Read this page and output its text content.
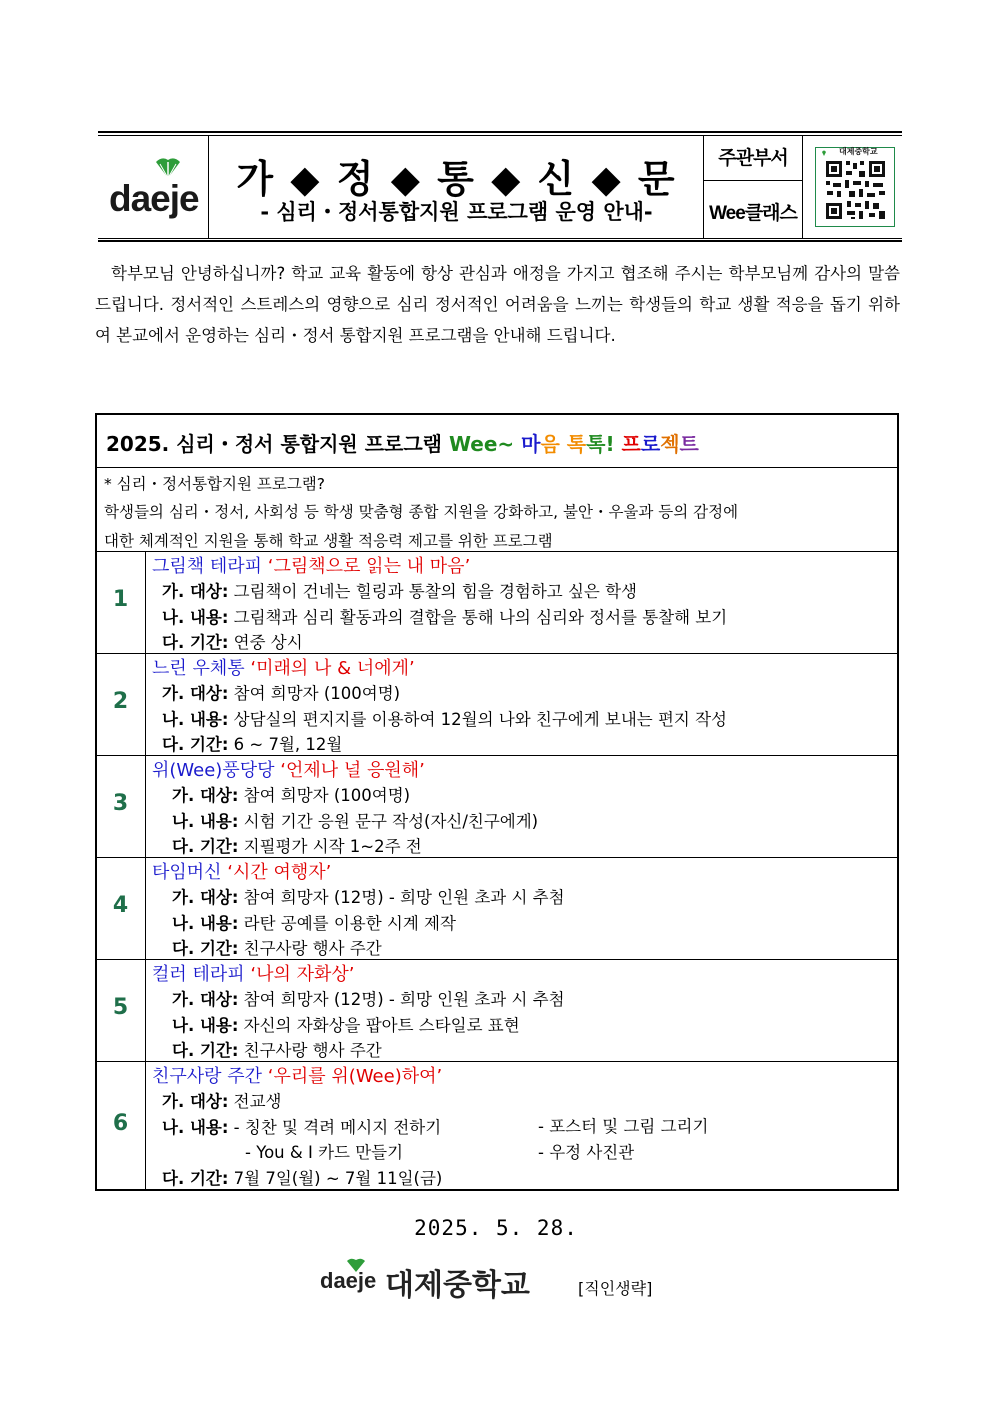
daeje 가 ◆ 정 ◆ 통 ◆ 신 ◆ 문
- 심리・정서통합지원 프로그램 운영 안내-
주관부서
Wee클래스
대제중학교
학부모님 안녕하십니까? 학교 교육 활동에 항상 관심과 애정을 가지고 협조해 주시는 학부모님께 감사의 말씀드립니다. 정서적인 스트레스의 영향으로 심리 정서적인 어려움을 느끼는 학생들의 학교 생활 적응을 돕기 위하여 본교에서 운영하는 심리・정서 통합지원 프로그램을 안내해 드립니다.
2025. 심리・정서 통합지원 프로그램 Wee~ 마음 톡톡! 프로젝트
* 심리・정서통합지원 프로그램?
학생들의 심리・정서, 사회성 등 학생 맞춤형 종합 지원을 강화하고, 불안・우울과 등의 감정에
대한 체계적인 지원을 통해 학교 생활 적응력 제고를 위한 프로그램
1
그림책 테라피 ‘그림책으로 읽는 내 마음’
가. 대상: 그림책이 건네는 힐링과 통찰의 힘을 경험하고 싶은 학생
나. 내용: 그림책과 심리 활동과의 결합을 통해 나의 심리와 정서를 통찰해 보기
다. 기간: 연중 상시
2
느린 우체통 ‘미래의 나 & 너에게’
가. 대상: 참여 희망자 (100여명)
나. 내용: 상담실의 편지지를 이용하여 12월의 나와 친구에게 보내는 편지 작성
다. 기간: 6 ~ 7월, 12월
3
위(Wee)풍당당 ‘언제나 널 응원해’
가. 대상: 참여 희망자 (100여명)
나. 내용: 시험 기간 응원 문구 작성(자신/친구에게)
다. 기간: 지필평가 시작 1~2주 전
4
타임머신 ‘시간 여행자’
가. 대상: 참여 희망자 (12명) - 희망 인원 초과 시 추첨
나. 내용: 라탄 공예를 이용한 시계 제작
다. 기간: 친구사랑 행사 주간
5
컬러 테라피 ‘나의 자화상’
가. 대상: 참여 희망자 (12명) - 희망 인원 초과 시 추첨
나. 내용: 자신의 자화상을 팝아트 스타일로 표현
다. 기간: 친구사랑 행사 주간
6
친구사랑 주간 ‘우리를 위(Wee)하여’
가. 대상: 전교생
나. 내용: - 칭찬 및 격려 메시지 전하기
- You & I 카드 만들기
다. 기간: 7월 7일(월) ~ 7월 11일(금)
- 포스터 및 그림 그리기
- 우정 사진관
2025. 5. 28.
daeje 대제중학교	[직인생략]
